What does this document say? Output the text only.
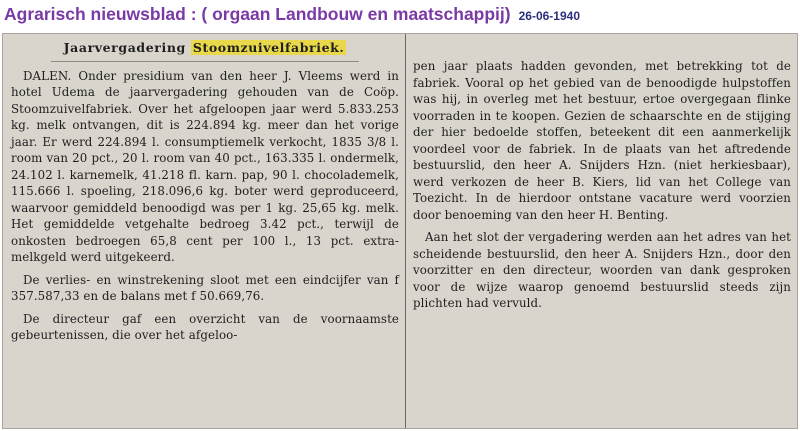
Agrarisch nieuwsblad : ( orgaan Landbouw en maatschappij) 26-06-1940
Jaarvergadering Stoomzuivelfabriek.

DALEN. Onder presidium van den heer J. Vleems werd in hotel Udema de jaarvergadering gehouden van de Coöp. Stoomzuivelfabriek. Over het afgeloopen jaar werd 5.833.253 kg. melk ontvangen, dit is 224.894 kg. meer dan het vorige jaar. Er werd 224.894 l. consumptiemelk verkocht, 1835 3/8 l. room van 20 pct., 20 l. room van 40 pct., 163.335 l. ondermelk, 24.102 l. karnemelk, 41.218 fl. karn. pap, 90 l. chocolademelk, 115.666 l. spoeling, 218.096,6 kg. boter werd geproduceerd, waarvoor gemiddeld benoodigd was per 1 kg. 25,65 kg. melk. Het gemiddelde vetgehalte bedroeg 3.42 pct., terwijl de onkosten bedroegen 65,8 cent per 100 l., 13 pct. extra-melkgeld werd uitgekeerd.

De verlies- en winstrekening sloot met een eindcijfer van f 357.587,33 en de balans met f 50.669,76.

De directeur gaf een overzicht van de voornaamste gebeurtenissen, die over het afgeloo-

pen jaar plaats hadden gevonden, met betrekking tot de fabriek. Vooral op het gebied van de benoodigde hulpstoffen was hij, in overleg met het bestuur, ertoe overgegaan flinke voorraden in te koopen. Gezien de schaarschte en de stijging der hier bedoelde stoffen, beteekent dit een aanmerkelijk voordeel voor de fabriek. In de plaats van het aftredende bestuurslid, den heer A. Snijders Hzn. (niet herkiesbaar), werd verkozen de heer B. Kiers, lid van het College van Toezicht. In de hierdoor ontstane vacature werd voorzien door benoeming van den heer H. Benting.

Aan het slot der vergadering werden aan het adres van het scheidende bestuurslid, den heer A. Snijders Hzn., door den voorzitter en den directeur, woorden van dank gesproken voor de wijze waarop genoemd bestuurslid steeds zijn plichten had vervuld.
